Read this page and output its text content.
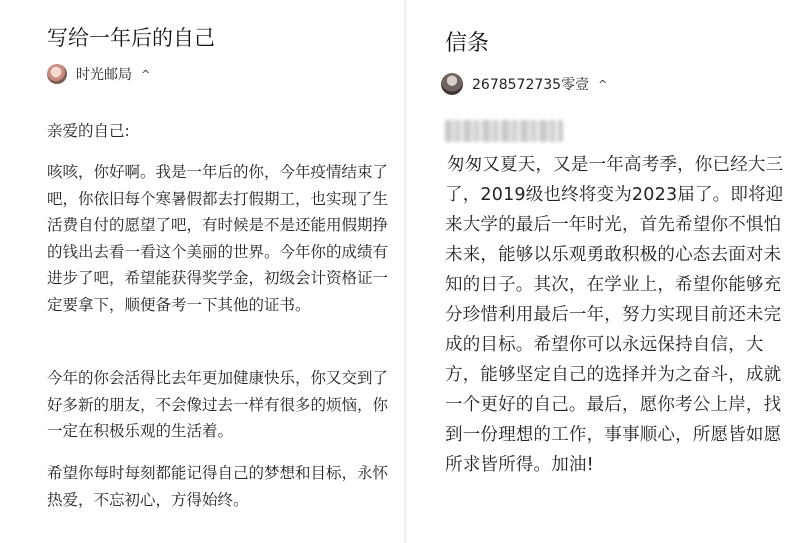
写给一年后的自己
时光邮局 ^
亲爱的自己:
咳咳，你好啊。我是一年后的你，今年疫情结束了吧，你依旧每个寒暑假都去打假期工，也实现了生活费自付的愿望了吧，有时候是不是还能用假期挣的钱出去看一看这个美丽的世界。今年你的成绩有进步了吧，希望能获得奖学金，初级会计资格证一定要拿下，顺便备考一下其他的证书。
今年的你会活得比去年更加健康快乐，你又交到了好多新的朋友，不会像过去一样有很多的烦恼，你一定在积极乐观的生活着。
希望你每时每刻都能记得自己的梦想和目标，永怀热爱，不忘初心，方得始终。
信条
2678572735零壹 ^
匆匆又夏天，又是一年高考季，你已经大三了，2019级也终将变为2023届了。即将迎来大学的最后一年时光，首先希望你不惧怕未来，能够以乐观勇敢积极的心态去面对未知的日子。其次，在学业上，希望你能够充分珍惜利用最后一年，努力实现目前还未完成的目标。希望你可以永远保持自信，大方，能够坚定自己的选择并为之奋斗，成就一个更好的自己。最后，愿你考公上岸，找到一份理想的工作，事事顺心，所愿皆如愿所求皆所得。加油!
